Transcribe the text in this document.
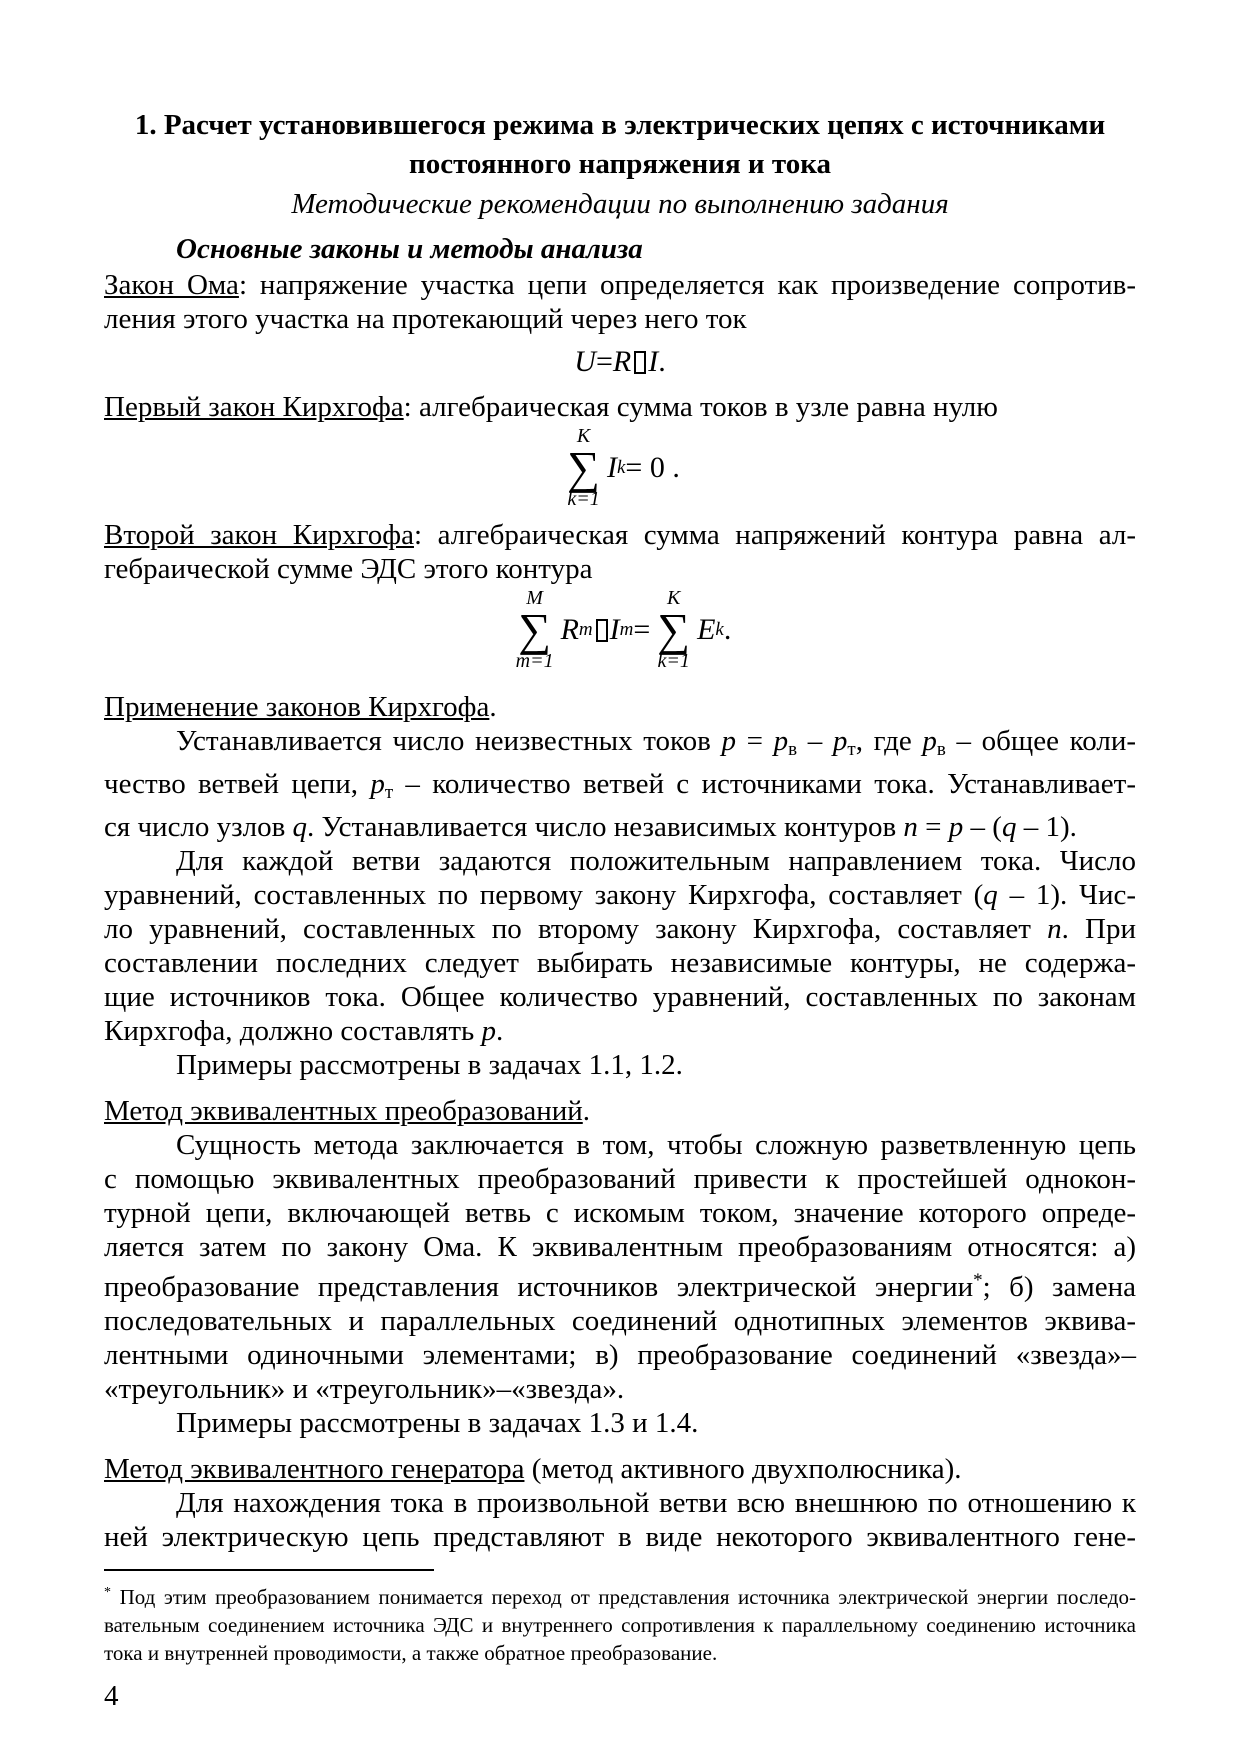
1. Расчет установившегося режима в электрических цепях с источниками
постоянного напряжения и тока
Методические рекомендации по выполнению задания
Основные законы и методы анализа
Закон Ома: напряжение участка цепи определяется как произведение сопротив-
ления этого участка на протекающий через него ток
U = R I .
Первый закон Кирхгофа: алгебраическая сумма токов в узле равна нулю
K
∑
k=1
I k = 0 .
Второй закон Кирхгофа: алгебраическая сумма напряжений контура равна ал-
гебраической сумме ЭДС этого контура
M
∑
m=1
R m I m =
K
∑
k=1
E k .
Применение законов Кирхгофа.
Устанавливается число неизвестных токов p = pв – pт, где pв – общее коли-
чество ветвей цепи, pт – количество ветвей с источниками тока. Устанавливает-
ся число узлов q. Устанавливается число независимых контуров n = p – (q – 1).
Для каждой ветви задаются положительным направлением тока. Число
уравнений, составленных по первому закону Кирхгофа, составляет (q – 1). Чис-
ло уравнений, составленных по второму закону Кирхгофа, составляет n. При
составлении последних следует выбирать независимые контуры, не содержа-
щие источников тока. Общее количество уравнений, составленных по законам
Кирхгофа, должно составлять p.
Примеры рассмотрены в задачах 1.1, 1.2.
Метод эквивалентных преобразований.
Сущность метода заключается в том, чтобы сложную разветвленную цепь
с помощью эквивалентных преобразований привести к простейшей однокон-
турной цепи, включающей ветвь с искомым током, значение которого опреде-
ляется затем по закону Ома. К эквивалентным преобразованиям относятся: а)
преобразование представления источников электрической энергии*; б) замена
последовательных и параллельных соединений однотипных элементов эквива-
лентными одиночными элементами; в) преобразование соединений «звезда»–
«треугольник» и «треугольник»–«звезда».
Примеры рассмотрены в задачах 1.3 и 1.4.
Метод эквивалентного генератора (метод активного двухполюсника).
Для нахождения тока в произвольной ветви всю внешнюю по отношению к
ней электрическую цепь представляют в виде некоторого эквивалентного гене-
* Под этим преобразованием понимается переход от представления источника электрической энергии последо-
вательным соединением источника ЭДС и внутреннего сопротивления к параллельному соединению источника
тока и внутренней проводимости, а также обратное преобразование.
4
